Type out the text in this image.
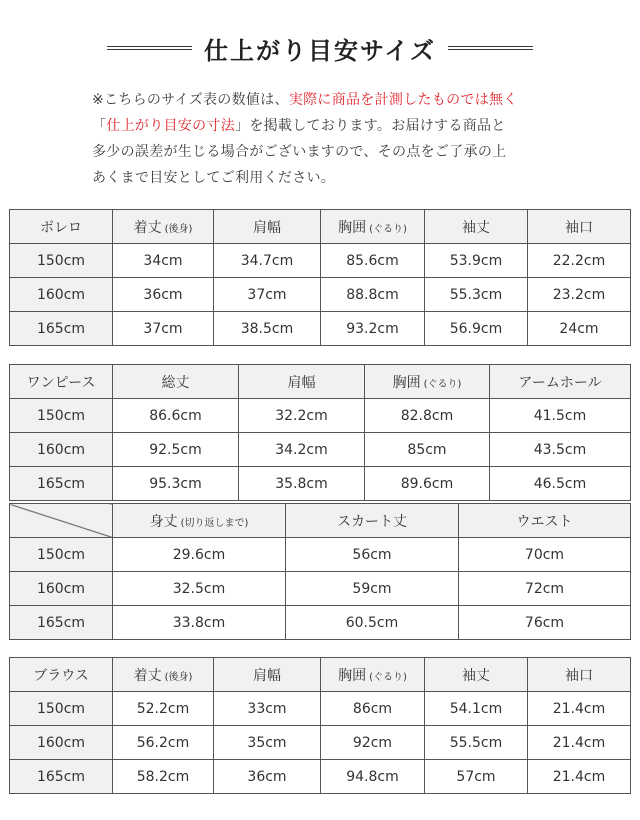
仕上がり目安サイズ
※こちらのサイズ表の数値は、実際に商品を計測したものでは無く
「仕上がり目安の寸法」を掲載しております。お届けする商品と
多少の誤差が生じる場合がございますので、その点をご了承の上
あくまで目安としてご利用ください。
ボレロ	着丈 (後身)	肩幅	胸囲 (ぐるり)	袖丈	袖口
150cm	34cm	34.7cm	85.6cm	53.9cm	22.2cm
160cm	36cm	37cm	88.8cm	55.3cm	23.2cm
165cm	37cm	38.5cm	93.2cm	56.9cm	24cm
ワンピース	総丈	肩幅	胸囲 (ぐるり)	アームホール
150cm	86.6cm	32.2cm	82.8cm	41.5cm
160cm	92.5cm	34.2cm	85cm	43.5cm
165cm	95.3cm	35.8cm	89.6cm	46.5cm
	身丈 (切り返しまで)	スカート丈	ウエスト
150cm	29.6cm	56cm	70cm
160cm	32.5cm	59cm	72cm
165cm	33.8cm	60.5cm	76cm
ブラウス	着丈 (後身)	肩幅	胸囲 (ぐるり)	袖丈	袖口
150cm	52.2cm	33cm	86cm	54.1cm	21.4cm
160cm	56.2cm	35cm	92cm	55.5cm	21.4cm
165cm	58.2cm	36cm	94.8cm	57cm	21.4cm
